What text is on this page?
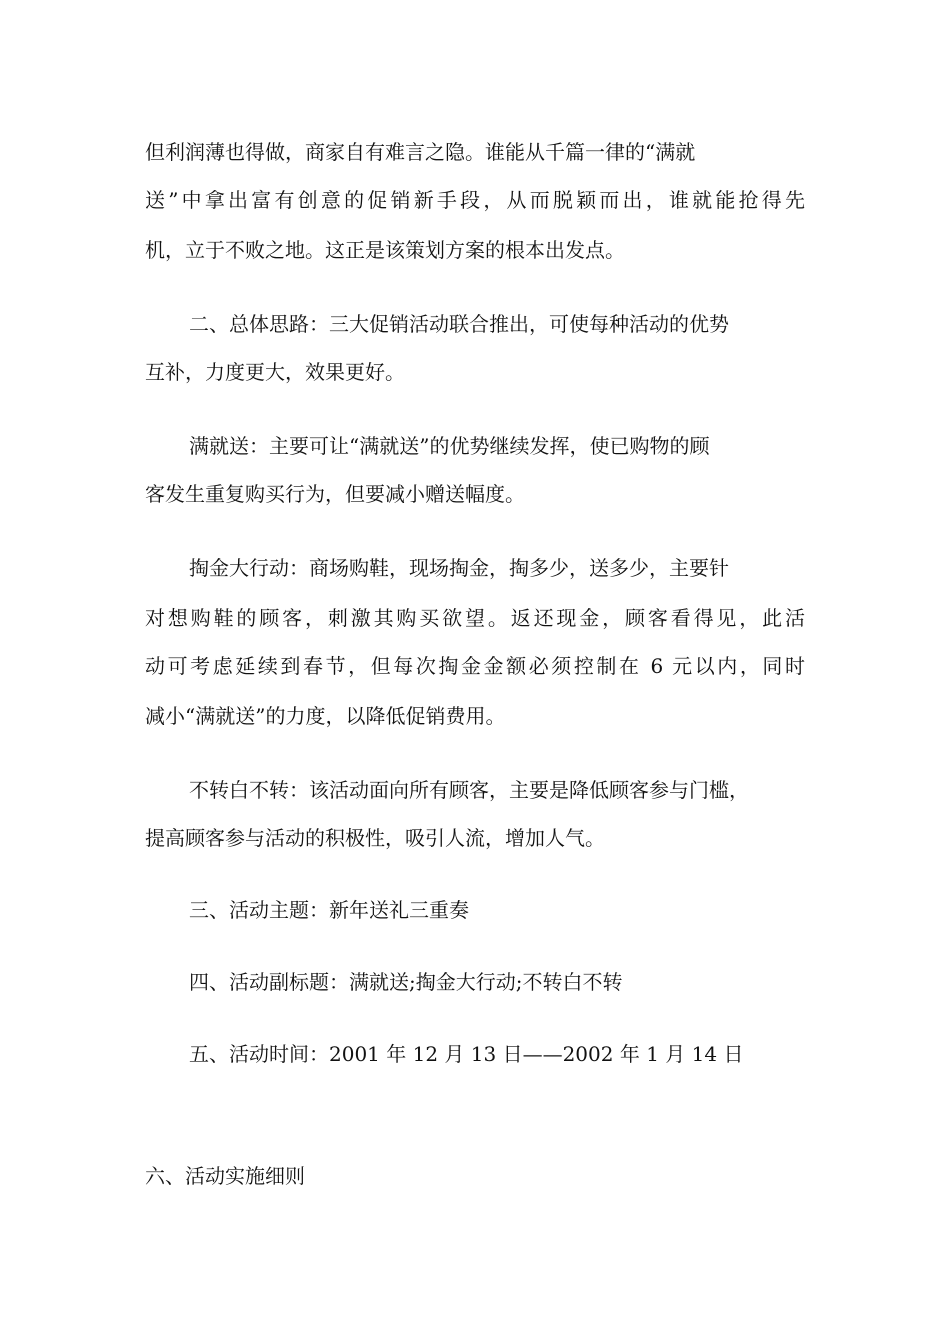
但利润薄也得做，商家自有难言之隐。谁能从千篇一律的“满就
送”中拿出富有创意的促销新手段，从而脱颖而出，谁就能抢得先
机，立于不败之地。这正是该策划方案的根本出发点。
二、总体思路：三大促销活动联合推出，可使每种活动的优势
互补，力度更大，效果更好。
满就送：主要可让“满就送”的优势继续发挥，使已购物的顾
客发生重复购买行为，但要减小赠送幅度。
掏金大行动：商场购鞋，现场掏金，掏多少，送多少，主要针
对想购鞋的顾客，刺激其购买欲望。返还现金，顾客看得见，此活
动可考虑延续到春节，但每次掏金金额必须控制在 6 元以内，同时
减小“满就送”的力度，以降低促销费用。
不转白不转：该活动面向所有顾客，主要是降低顾客参与门槛，
提高顾客参与活动的积极性，吸引人流，增加人气。
三、活动主题：新年送礼三重奏
四、活动副标题：满就送;掏金大行动;不转白不转
五、活动时间：2001 年 12 月 13 日——2002 年 1 月 14 日
六、活动实施细则
